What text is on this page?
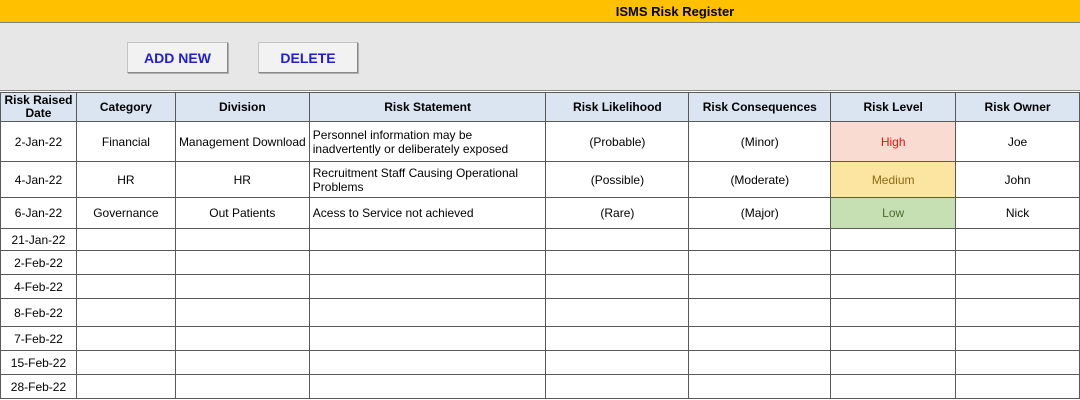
ISMS Risk Register
ADD NEW	DELETE
Risk Raised Date	Category	Division	Risk Statement	Risk Likelihood	Risk Consequences	Risk Level	Risk Owner
2-Jan-22	Financial	Management Download	Personnel information may be inadvertently or deliberately exposed	(Probable)	(Minor)	High	Joe
4-Jan-22	HR	HR	Recruitment Staff Causing Operational Problems	(Possible)	(Moderate)	Medium	John
6-Jan-22	Governance	Out Patients	Acess to Service not achieved	(Rare)	(Major)	Low	Nick
21-Jan-22							
2-Feb-22							
4-Feb-22							
8-Feb-22							
7-Feb-22							
15-Feb-22							
28-Feb-22							
